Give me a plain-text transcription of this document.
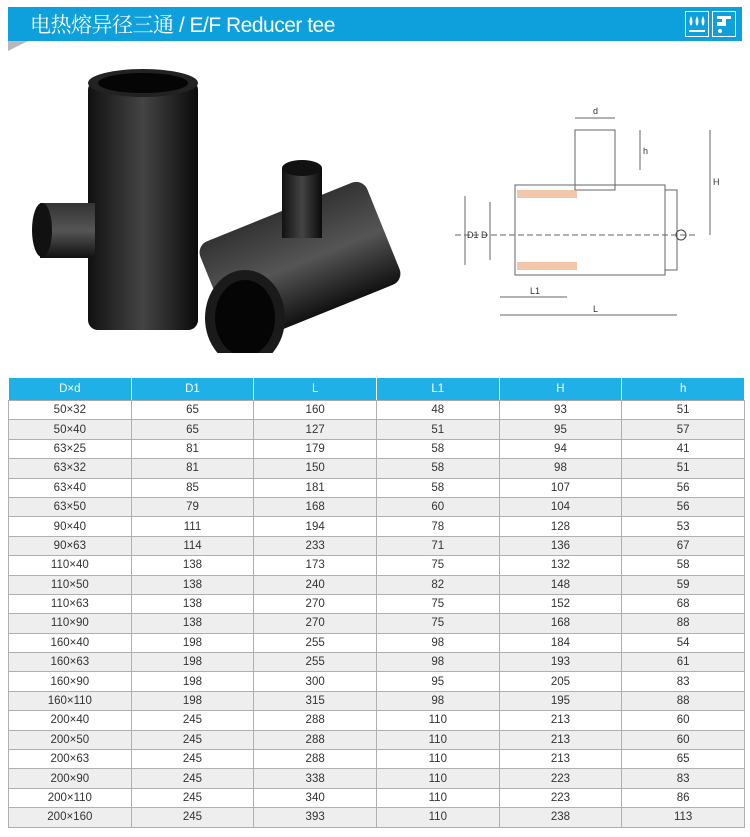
电热熔异径三通 / E/F Reducer tee
d
h
H
D1 D
L1
L
D×d	D1	L	L1	H	h
50×32	65	160	48	93	51
50×40	65	127	51	95	57
63×25	81	179	58	94	41
63×32	81	150	58	98	51
63×40	85	181	58	107	56
63×50	79	168	60	104	56
90×40	111	194	78	128	53
90×63	114	233	71	136	67
110×40	138	173	75	132	58
110×50	138	240	82	148	59
110×63	138	270	75	152	68
110×90	138	270	75	168	88
160×40	198	255	98	184	54
160×63	198	255	98	193	61
160×90	198	300	95	205	83
160×110	198	315	98	195	88
200×40	245	288	110	213	60
200×50	245	288	110	213	60
200×63	245	288	110	213	65
200×90	245	338	110	223	83
200×110	245	340	110	223	86
200×160	245	393	110	238	113
